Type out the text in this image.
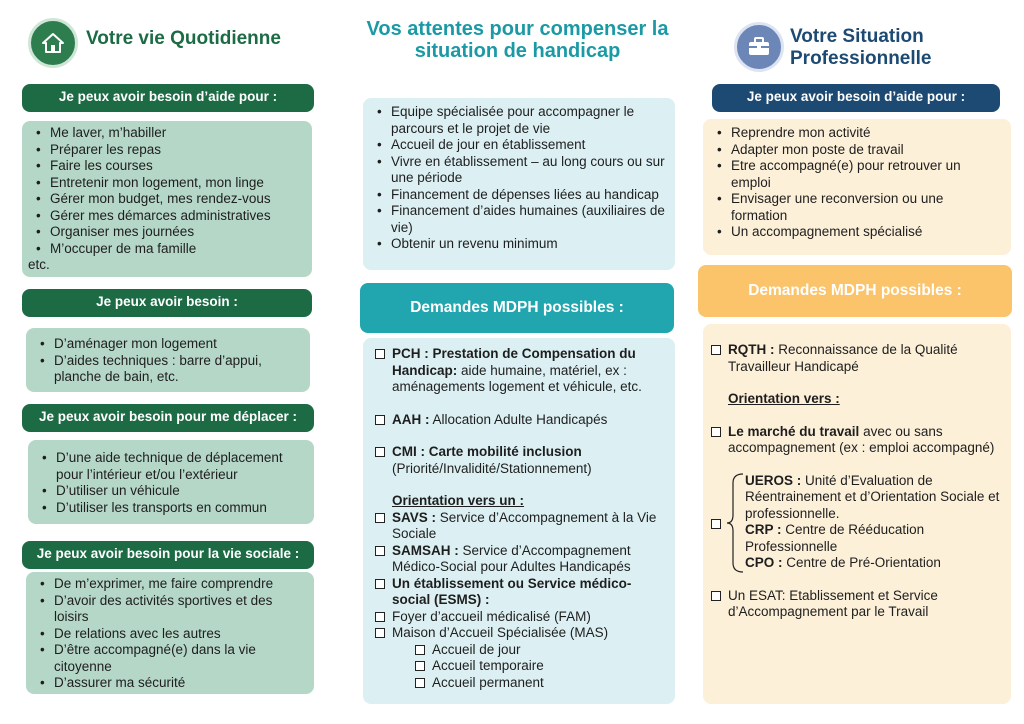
Votre vie Quotidienne	Vos attentes pour compenser la situation de handicap
Votre Situation Professionnelle
Je peux avoir besoin d’aide pour :
• Me laver, m’habiller
• Préparer les repas
• Faire les courses
• Entretenir mon logement, mon linge
• Gérer mon budget, mes rendez-vous
• Gérer mes démarces administratives
• Organiser mes journées
• M’occuper de ma famille
etc.
Je peux avoir besoin :
• D’aménager mon logement
• D’aides techniques : barre d’appui, planche de bain, etc.
Je peux avoir besoin pour me déplacer :
• D’une aide technique de déplacement pour l’intérieur et/ou l’extérieur
• D’utiliser un véhicule
• D’utiliser les transports en commun
Je peux avoir besoin pour la vie sociale :
• De m’exprimer, me faire comprendre
• D’avoir des activités sportives et des loisirs
• De relations avec les autres
• D’être accompagné(e) dans la vie citoyenne
• D’assurer ma sécurité
• Equipe spécialisée pour accompagner le parcours et le projet de vie
• Accueil de jour en établissement
• Vivre en établissement – au long cours ou sur une période
• Financement de dépenses liées au handicap
• Financement d’aides humaines (auxiliaires de vie)
• Obtenir un revenu minimum
Demandes MDPH possibles :
PCH : Prestation de Compensation du Handicap: aide humaine, matériel, ex : aménagements logement et véhicule, etc.
AAH : Allocation Adulte Handicapés
CMI : Carte mobilité inclusion
(Priorité/Invalidité/Stationnement)
Orientation vers un :
SAVS : Service d’Accompagnement à la Vie Sociale
SAMSAH : Service d’Accompagnement Médico-Social pour Adultes Handicapés
Un établissement ou Service médico-social (ESMS) :
Foyer d’accueil médicalisé (FAM)
Maison d’Accueil Spécialisée (MAS)
Accueil de jour
Accueil temporaire
Accueil permanent
Je peux avoir besoin d’aide pour :
• Reprendre mon activité
• Adapter mon poste de travail
• Etre accompagné(e) pour retrouver un emploi
• Envisager une reconversion ou une formation
• Un accompagnement spécialisé
Demandes MDPH possibles :
RQTH : Reconnaissance de la Qualité Travailleur Handicapé
Orientation vers :
Le marché du travail avec ou sans accompagnement (ex : emploi accompagné)
UEROS : Unité d’Evaluation de Réentrainement et d’Orientation Sociale et professionnelle.
CRP : Centre de Rééducation Professionnelle
CPO : Centre de Pré-Orientation
Un ESAT: Etablissement et Service d’Accompagnement par le Travail
